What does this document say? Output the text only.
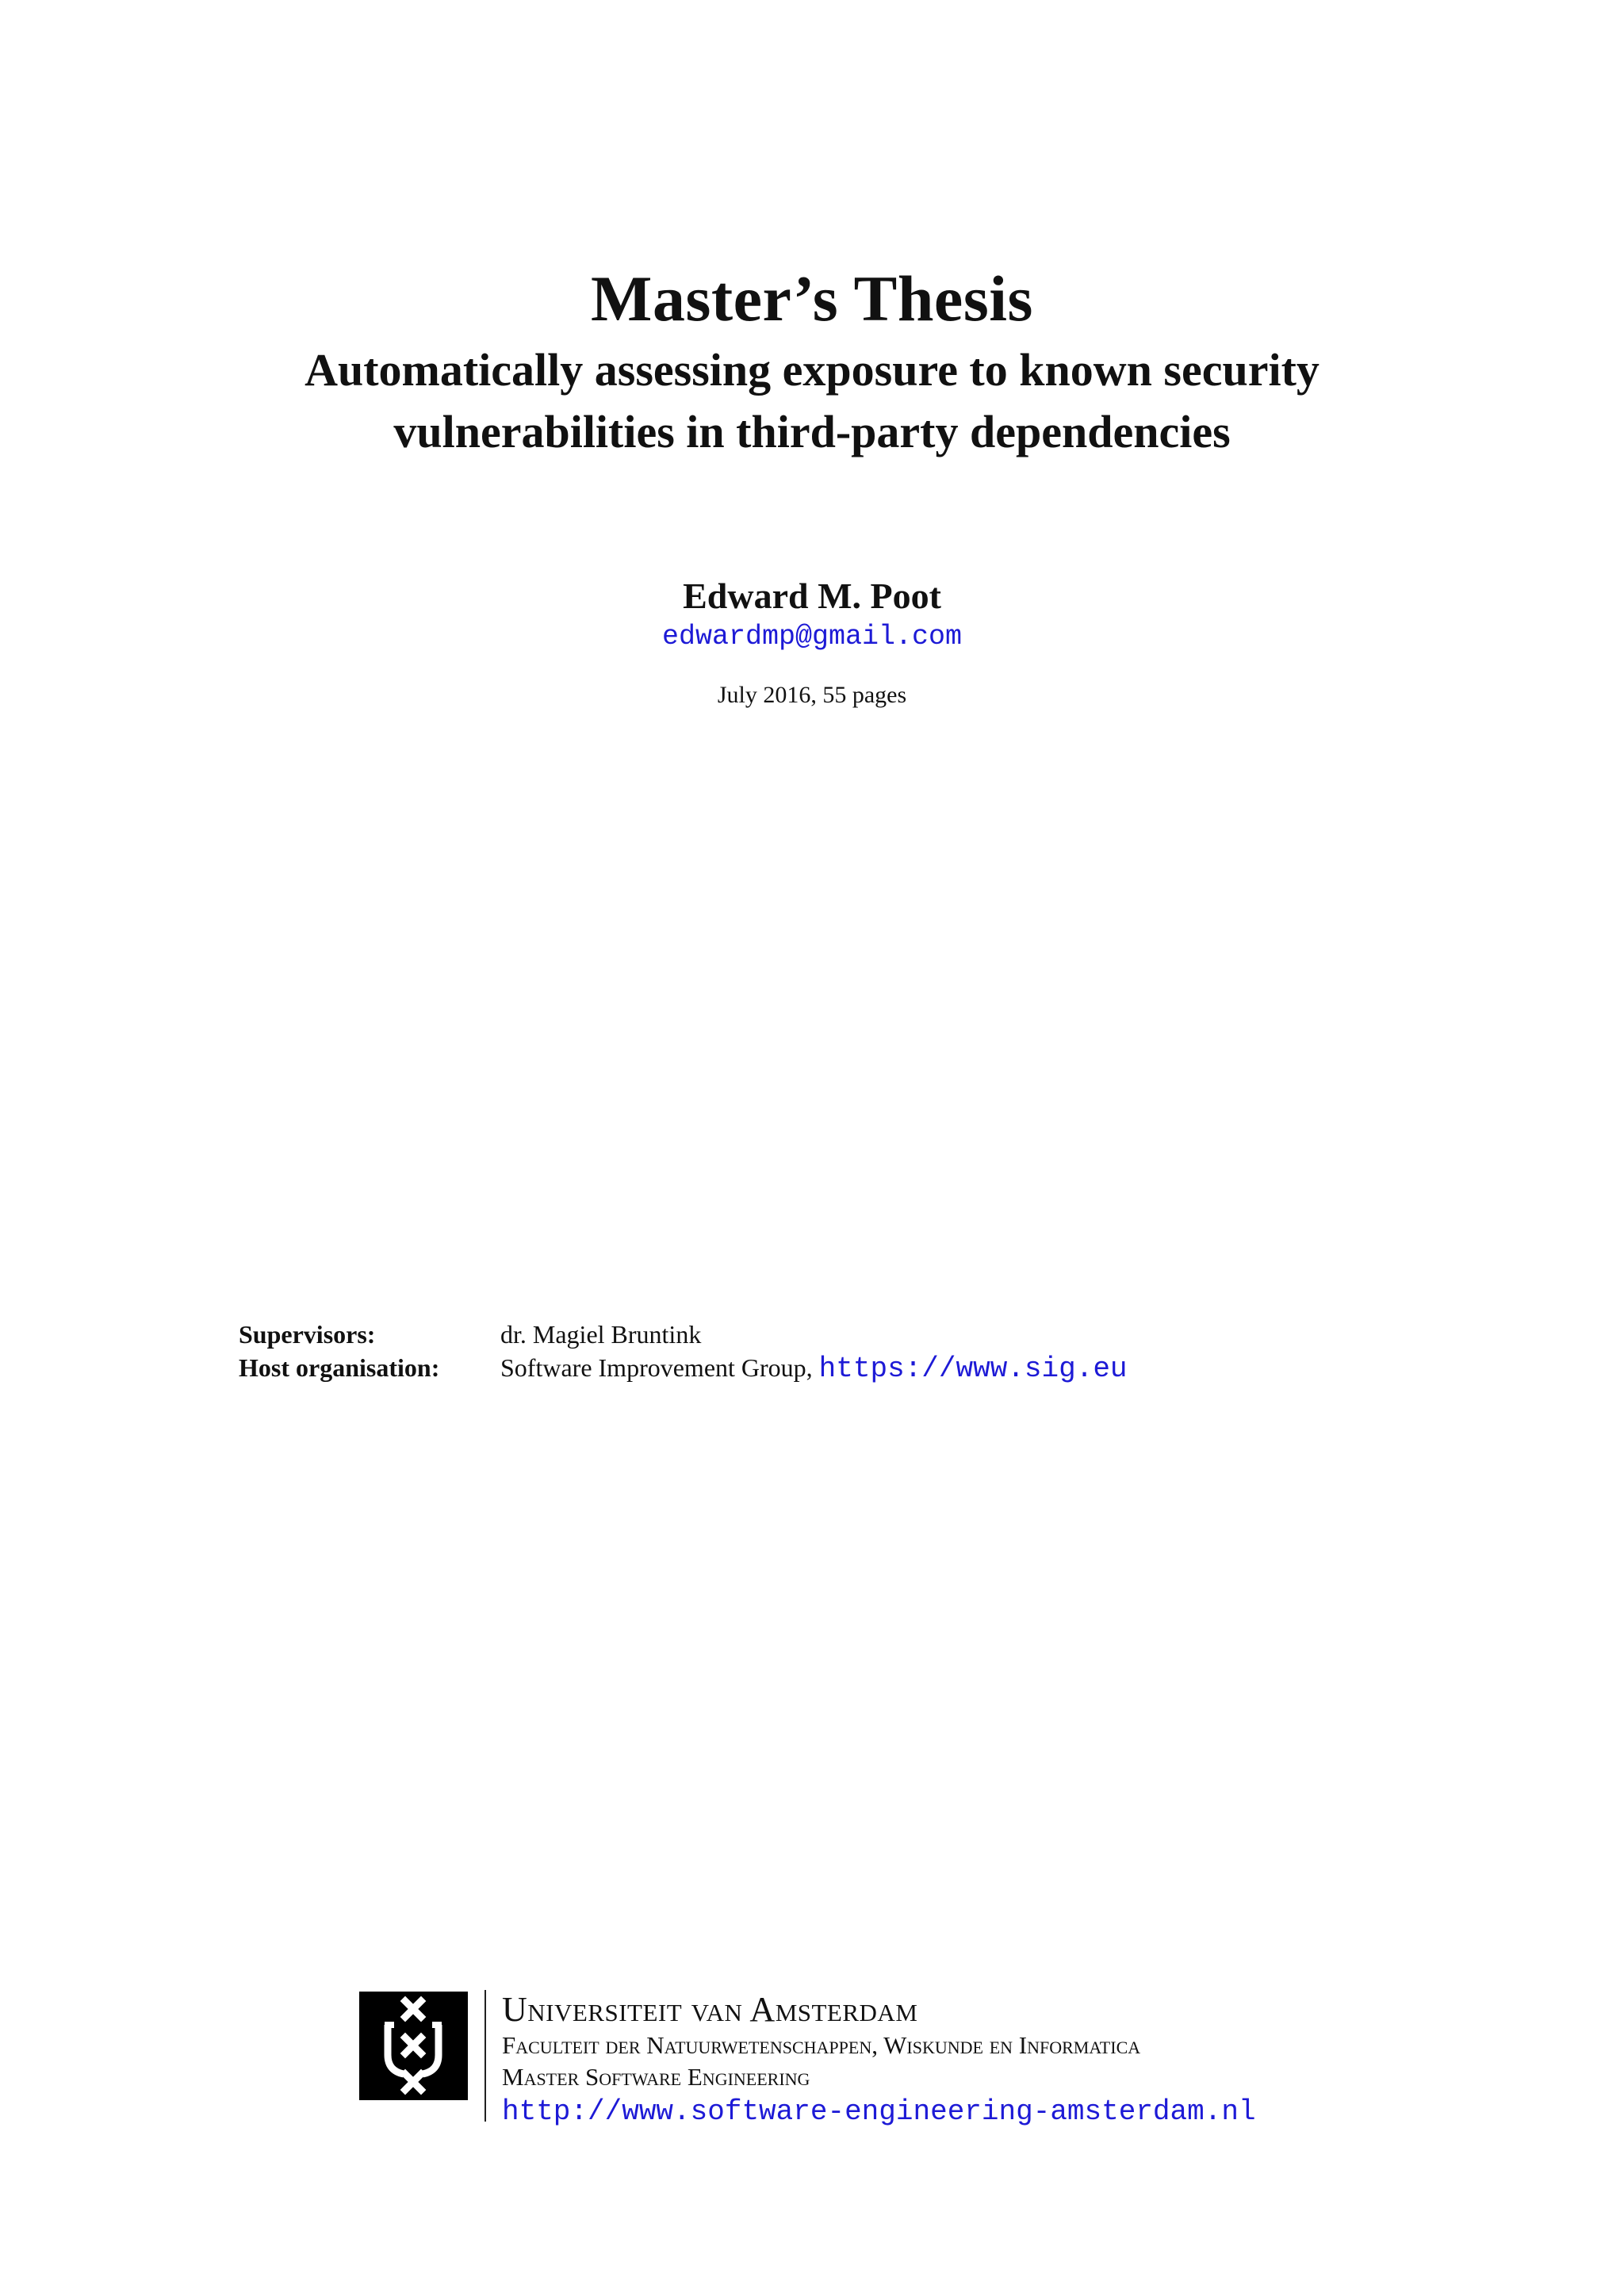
Master’s Thesis
Automatically assessing exposure to known security
vulnerabilities in third-party dependencies
Edward M. Poot
edwardmp@gmail.com
July 2016, 55 pages
Supervisors:	dr. Magiel Bruntink
Host organisation:	Software Improvement Group, https://www.sig.eu
Universiteit van Amsterdam
Faculteit der Natuurwetenschappen, Wiskunde en Informatica
Master Software Engineering
http://www.software-engineering-amsterdam.nl
